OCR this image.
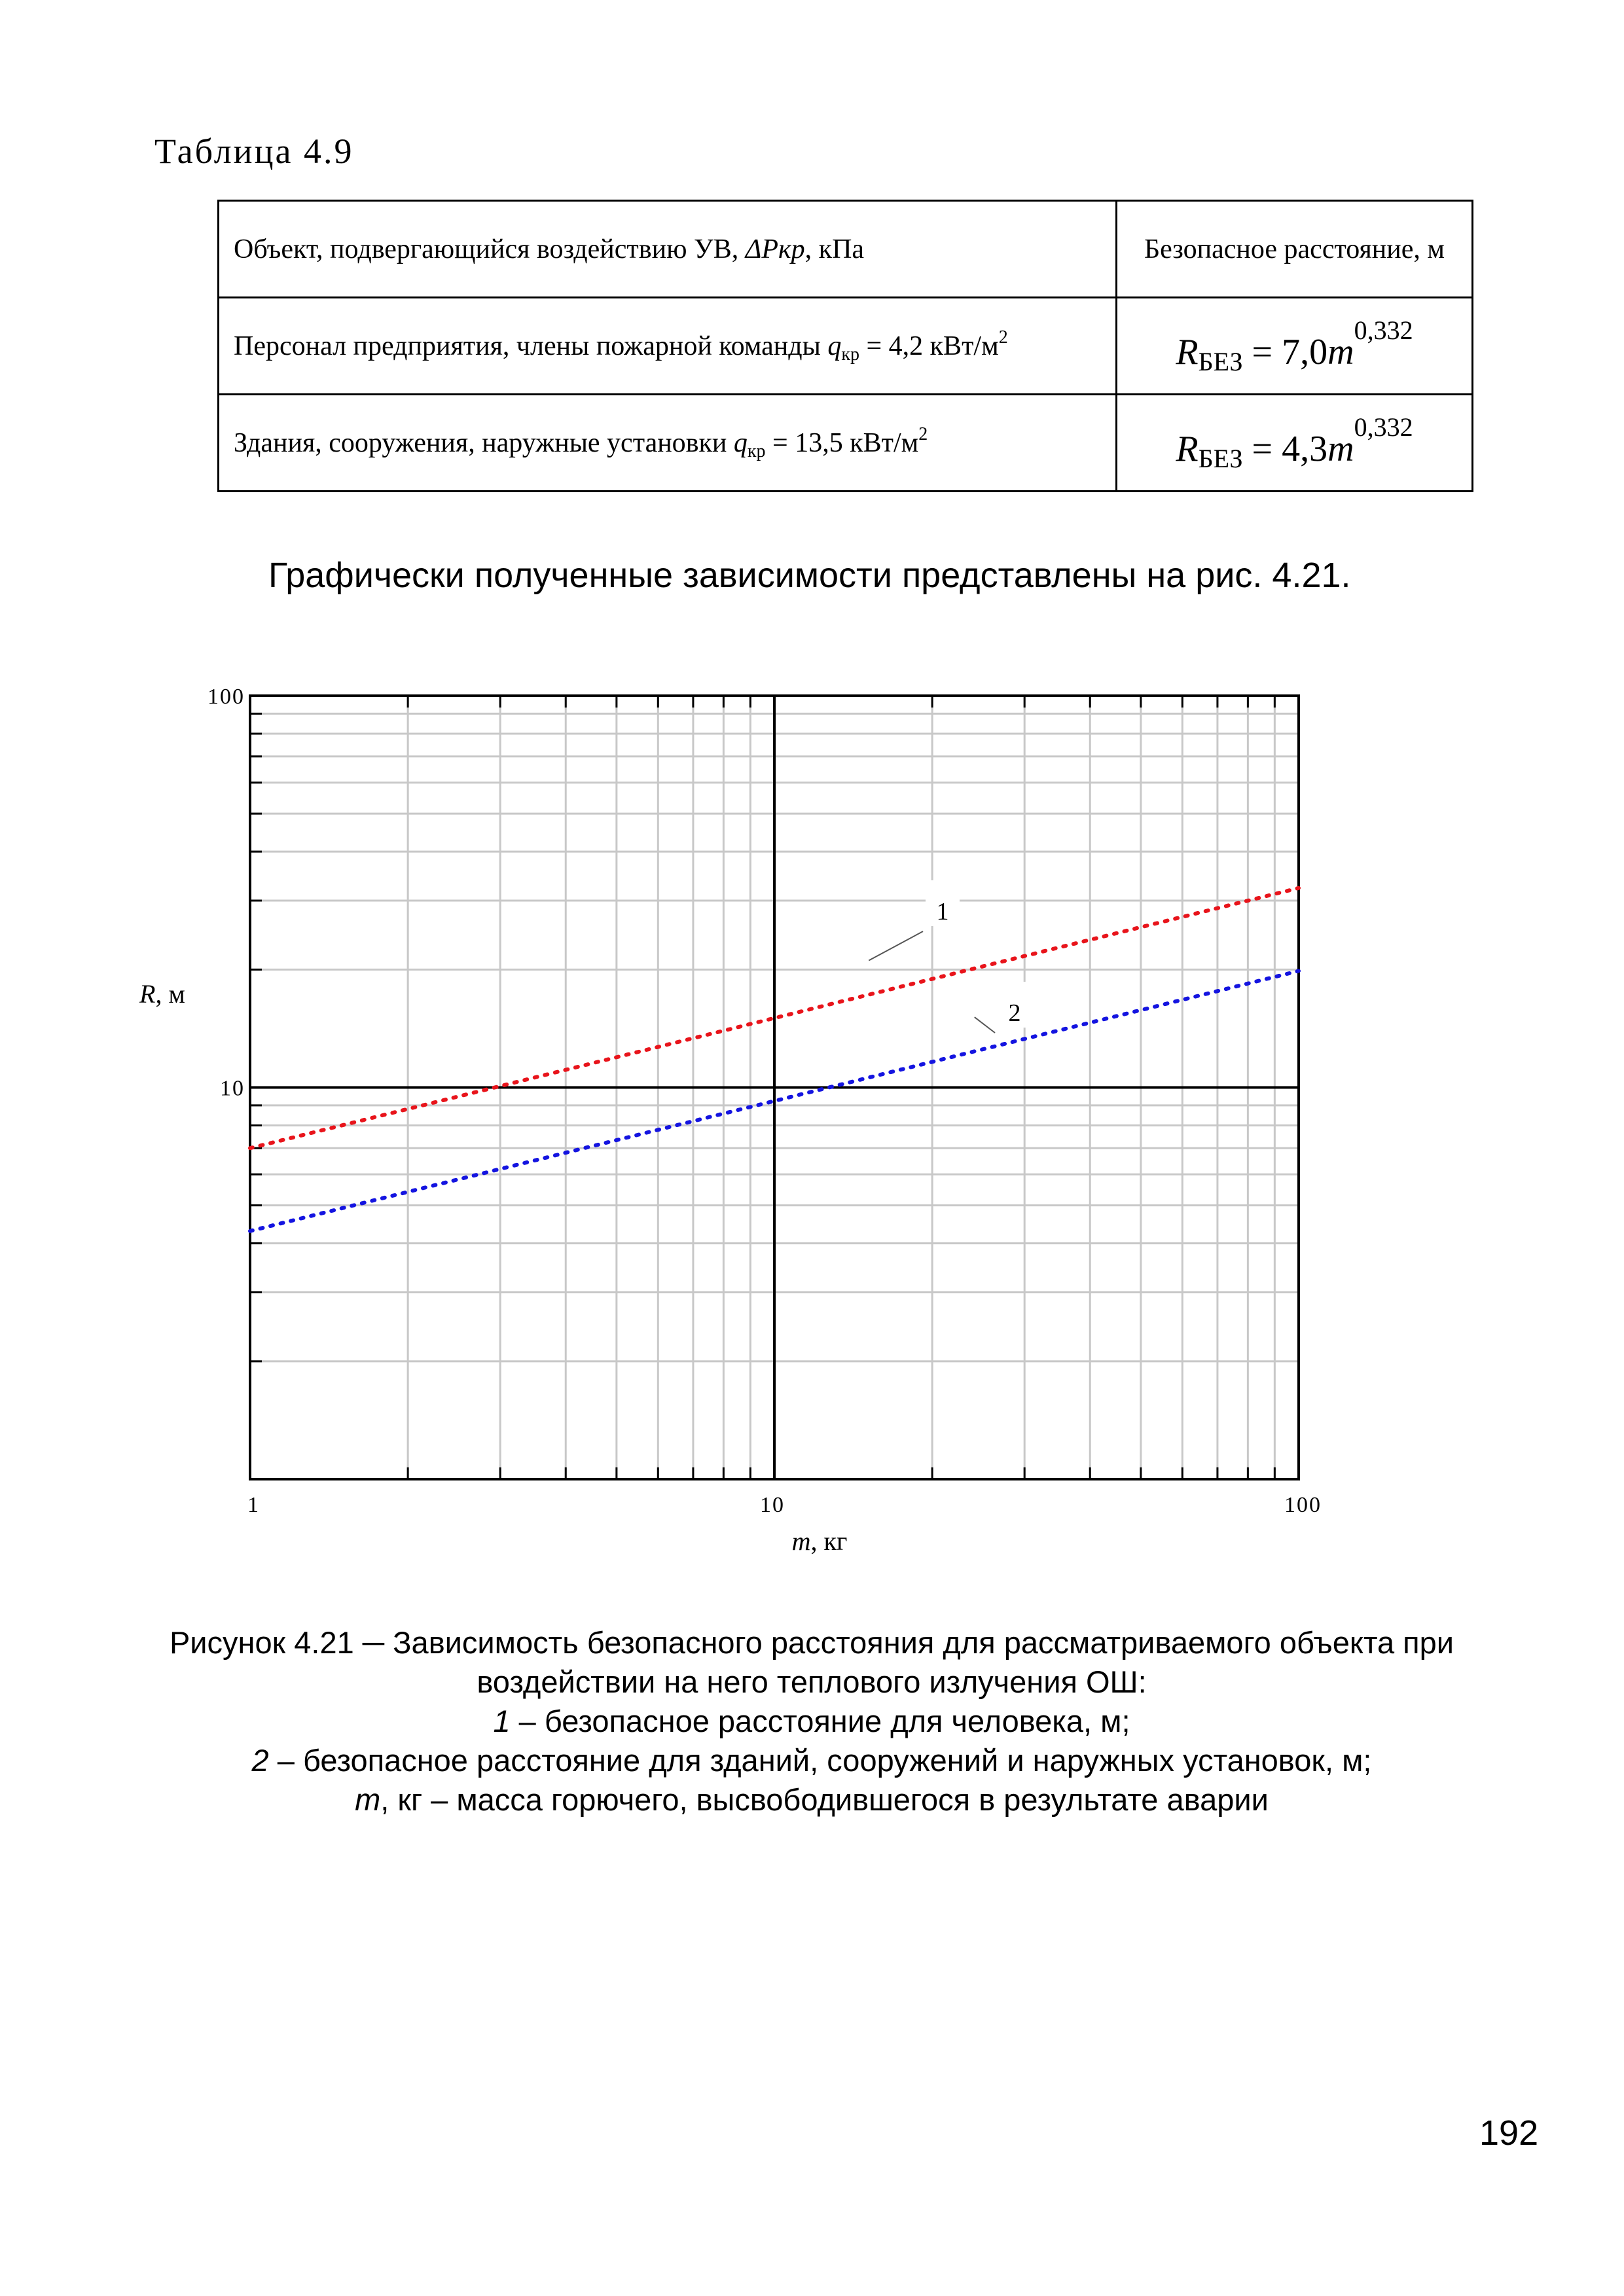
Таблица 4.9
Объект, подвергающийся воздействию УВ, ΔPкр, кПа	Безопасное расстояние, м
Персонал предприятия, члены пожарной команды qкр = 4,2 кВт/$м^2$	$R_{БЕЗ} = 7,0m^{0,332}$
Здания, сооружения, наружные установки qкр = 13,5 кВт/$м^2$	$R_{БЕЗ} = 4,3m^{0,332}$
Графически полученные зависимости представлены на рис. 4.21.
1	10	100
10
100
R, м
m, кг
1
2
Рисунок 4.21 ─ Зависимость безопасного расстояния для рассматриваемого объекта при
воздействии на него теплового излучения ОШ:
1 – безопасное расстояние для человека, м;
2 – безопасное расстояние для зданий, сооружений и наружных установок, м;
m, кг – масса горючего, высвободившегося в результате аварии
192
